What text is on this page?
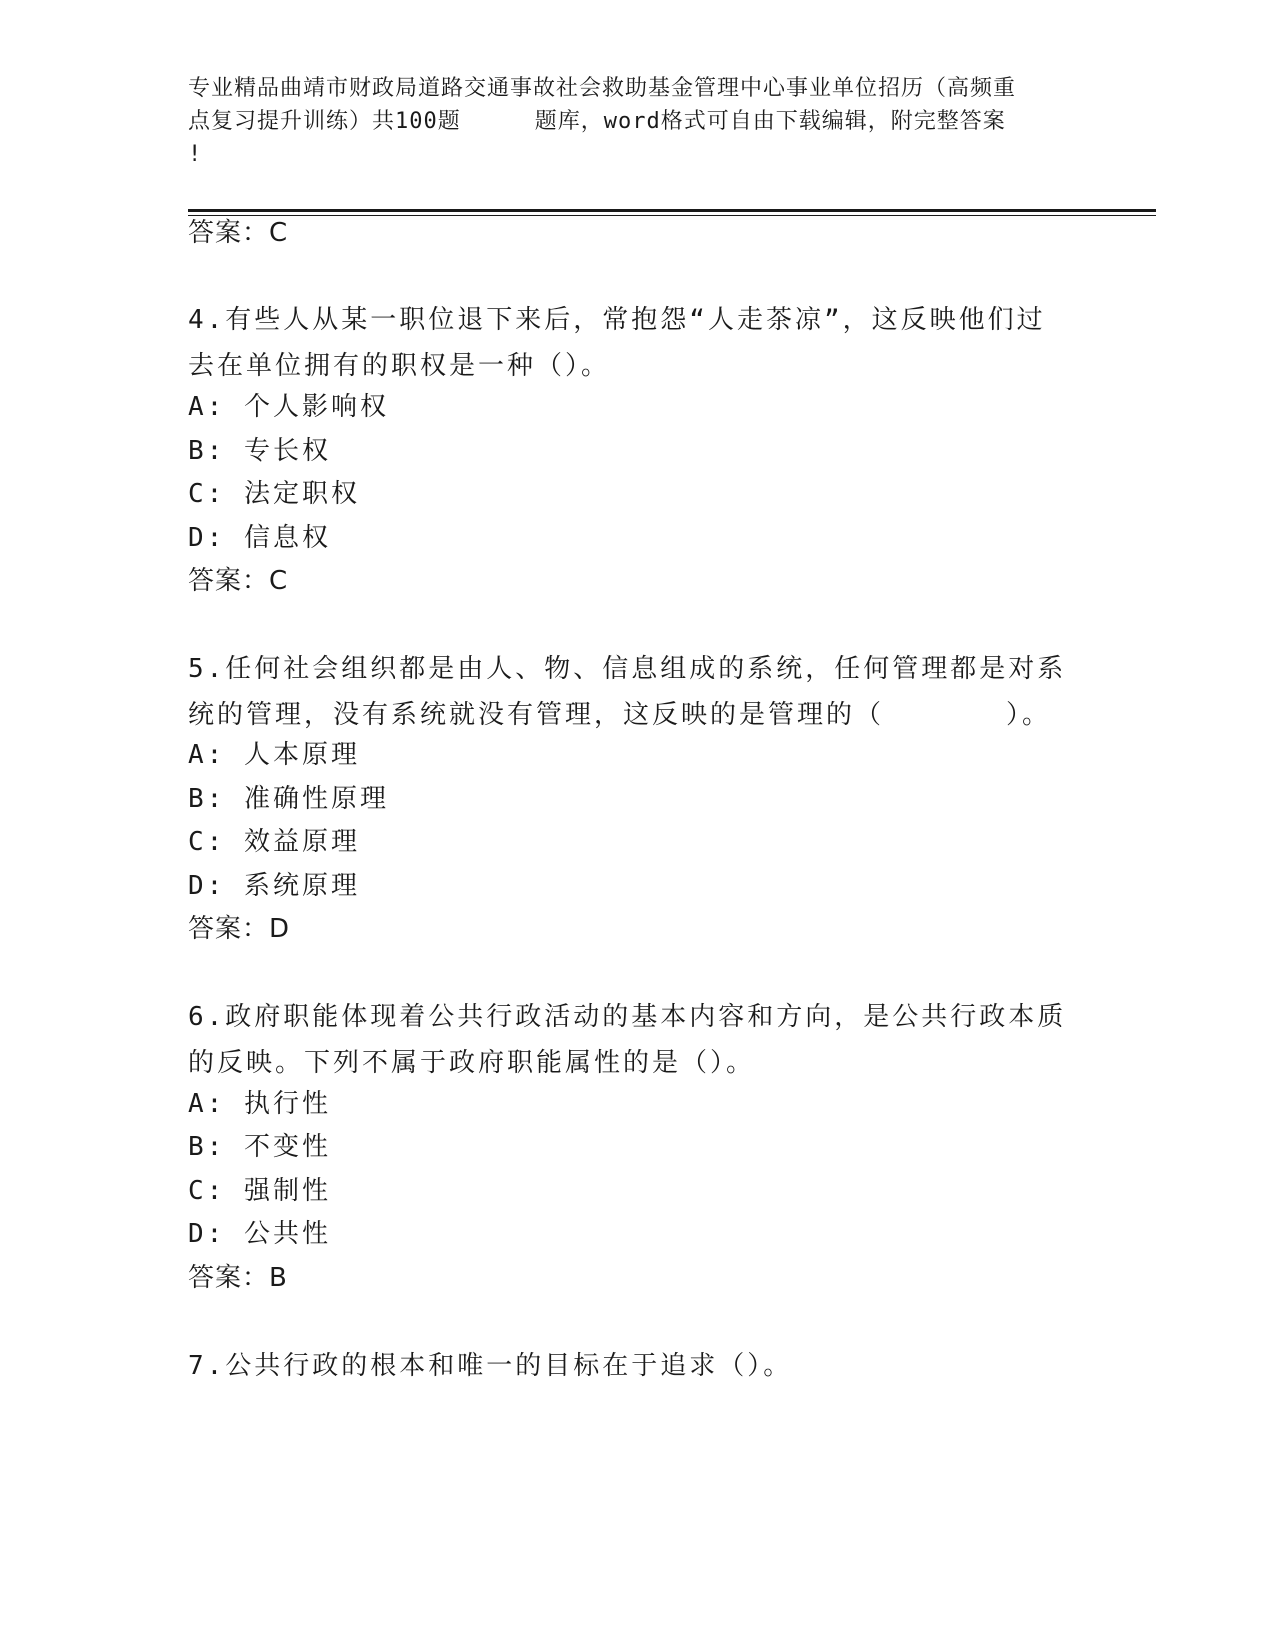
专业精品曲靖市财政局道路交通事故社会救助基金管理中心事业单位招历（高频重
点复习提升训练）共100题	题库，word格式可自由下载编辑，附完整答案
!
答案：C
4.有些人从某一职位退下来后，常抱怨“人走茶凉”，这反映他们过
去在单位拥有的职权是一种（）。
A: 个人影响权
B: 专长权
C: 法定职权
D: 信息权
答案：C
5.任何社会组织都是由人、物、信息组成的系统，任何管理都是对系
统的管理，没有系统就没有管理，这反映的是管理的（	）。
A: 人本原理
B: 准确性原理
C: 效益原理
D: 系统原理
答案：D
6.政府职能体现着公共行政活动的基本内容和方向，是公共行政本质
的反映。下列不属于政府职能属性的是（）。
A: 执行性
B: 不变性
C: 强制性
D: 公共性
答案：B
7.公共行政的根本和唯一的目标在于追求（）。
